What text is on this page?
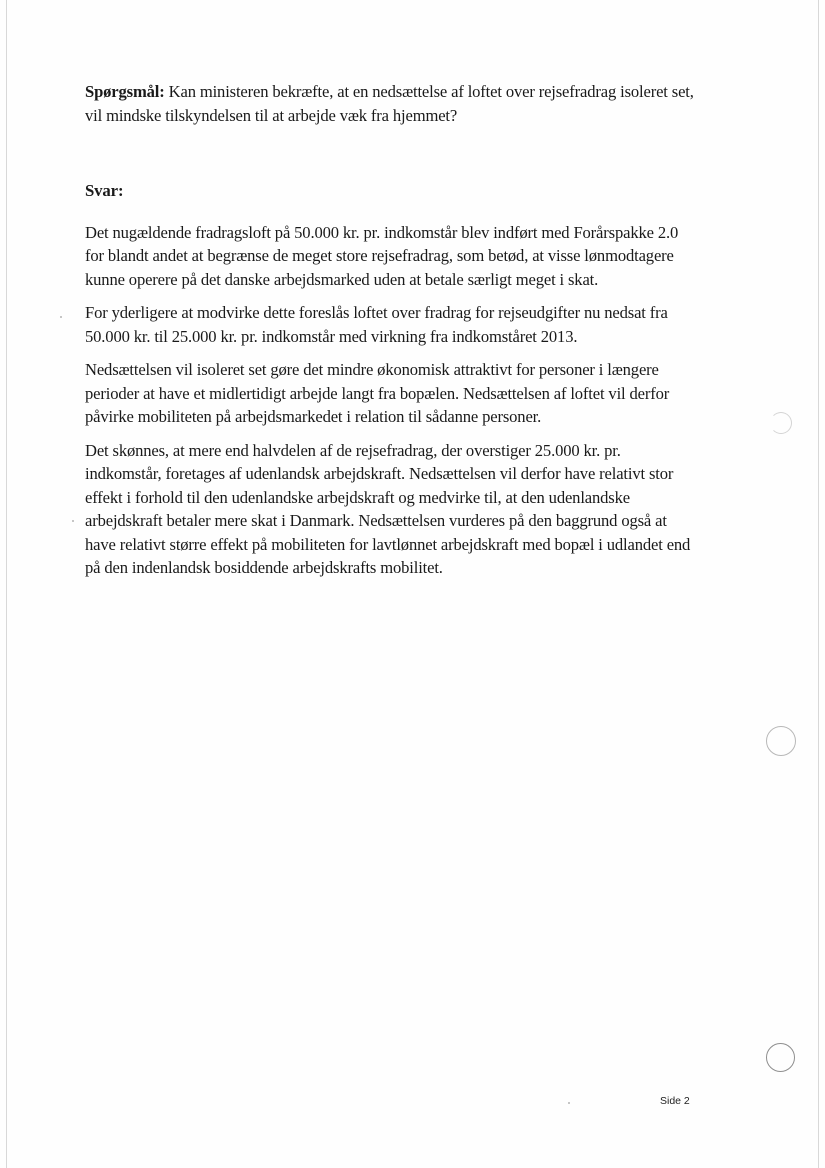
Spørgsmål: Kan ministeren bekræfte, at en nedsættelse af loftet over rejsefradrag isoleret set, vil mindske tilskyndelsen til at arbejde væk fra hjemmet?

Svar:

Det nugældende fradragsloft på 50.000 kr. pr. indkomstår blev indført med Forårspakke 2.0 for blandt andet at begrænse de meget store rejsefradrag, som betød, at visse lønmodtagere kunne operere på det danske arbejdsmarked uden at betale særligt meget i skat.

For yderligere at modvirke dette foreslås loftet over fradrag for rejseudgifter nu nedsat fra 50.000 kr. til 25.000 kr. pr. indkomstår med virkning fra indkomståret 2013.

Nedsættelsen vil isoleret set gøre det mindre økonomisk attraktivt for personer i længere perioder at have et midlertidigt arbejde langt fra bopælen. Nedsættelsen af loftet vil derfor påvirke mobiliteten på arbejdsmarkedet i relation til sådanne personer.

Det skønnes, at mere end halvdelen af de rejsefradrag, der overstiger 25.000 kr. pr. indkomstår, foretages af udenlandsk arbejdskraft. Nedsættelsen vil derfor have relativt stor effekt i forhold til den udenlandske arbejdskraft og medvirke til, at den udenlandske arbejdskraft betaler mere skat i Danmark. Nedsættelsen vurderes på den baggrund også at have relativt større effekt på mobiliteten for lavtlønnet arbejdskraft med bopæl i udlandet end på den indenlandsk bosiddende arbejdskrafts mobilitet.

Side 2
